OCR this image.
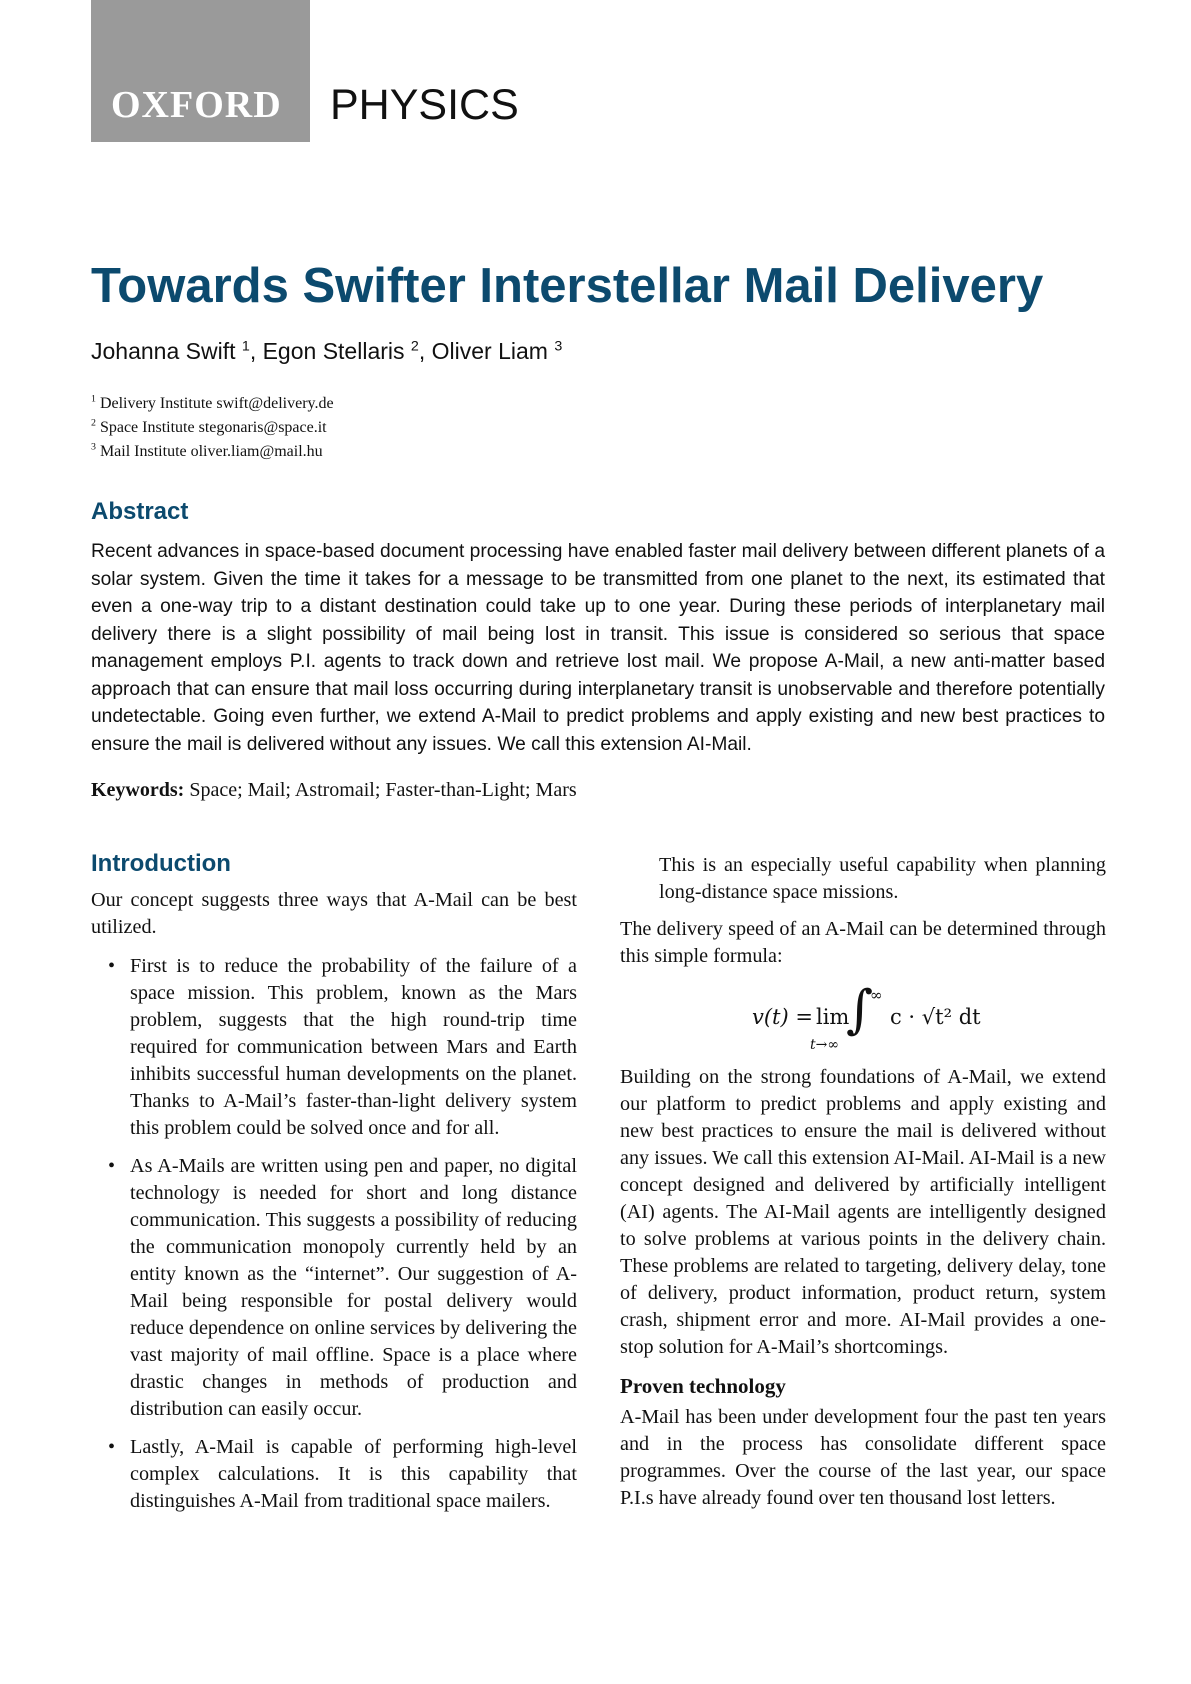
OXFORD PHYSICS
Towards Swifter Interstellar Mail Delivery
Johanna Swift $^1$, Egon Stellaris $^2$, Oliver Liam $^3$
$^1$ Delivery Institute swift@delivery.de
$^2$ Space Institute stegonaris@space.it
$^3$ Mail Institute oliver.liam@mail.hu
Abstract

Recent advances in space-based document processing have enabled faster mail delivery between different planets of a solar system. Given the time it takes for a message to be transmitted from one planet to the next, its estimated that even a one-way trip to a distant destination could take up to one year. During these periods of interplanetary mail delivery there is a slight possibility of mail being lost in transit. This issue is considered so serious that space management employs P.I. agents to track down and retrieve lost mail. We propose A-Mail, a new anti-matter based approach that can ensure that mail loss occurring during interplanetary transit is unobservable and therefore potentially undetectable. Going even further, we extend A-Mail to predict problems and apply existing and new best practices to ensure the mail is delivered without any issues. We call this extension AI-Mail.

Keywords: Space; Mail; Astromail; Faster-than-Light; Mars
Introduction

Our concept suggests three ways that A-Mail can be best utilized.

• First is to reduce the probability of the failure of a space mission. This problem, known as the Mars problem, suggests that the high round-trip time required for communication between Mars and Earth inhibits successful human developments on the planet. Thanks to A-Mail’s faster-than-light delivery system this problem could be solved once and for all.
• As A-Mails are written using pen and paper, no digital technology is needed for short and long distance communication. This suggests a possibility of reducing the communication monopoly currently held by an entity known as the “internet”. Our suggestion of A-Mail being responsible for postal delivery would reduce dependence on online services by delivering the vast majority of mail offline. Space is a place where drastic changes in methods of production and distribution can easily occur.
• Lastly, A-Mail is capable of performing high-level complex calculations. It is this capability that distinguishes A-Mail from traditional space mailers.

This is an especially useful capability when planning long-distance space missions.

The delivery speed of an A-Mail can be determined through this simple formula:

v(t) = lim
t→∞
∫
∞
c · √t² dt

Building on the strong foundations of A-Mail, we extend our platform to predict problems and apply existing and new best practices to ensure the mail is delivered without any issues. We call this extension AI-Mail. AI-Mail is a new concept designed and delivered by artificially intelligent (AI) agents. The AI-Mail agents are intelligently designed to solve problems at various points in the delivery chain. These problems are related to targeting, delivery delay, tone of delivery, product information, product return, system crash, shipment error and more. AI-Mail provides a one-stop solution for A-Mail’s shortcomings.

Proven technology

A-Mail has been under development four the past ten years and in the process has consolidate different space programmes. Over the course of the last year, our space P.I.s have already found over ten thousand lost letters.
